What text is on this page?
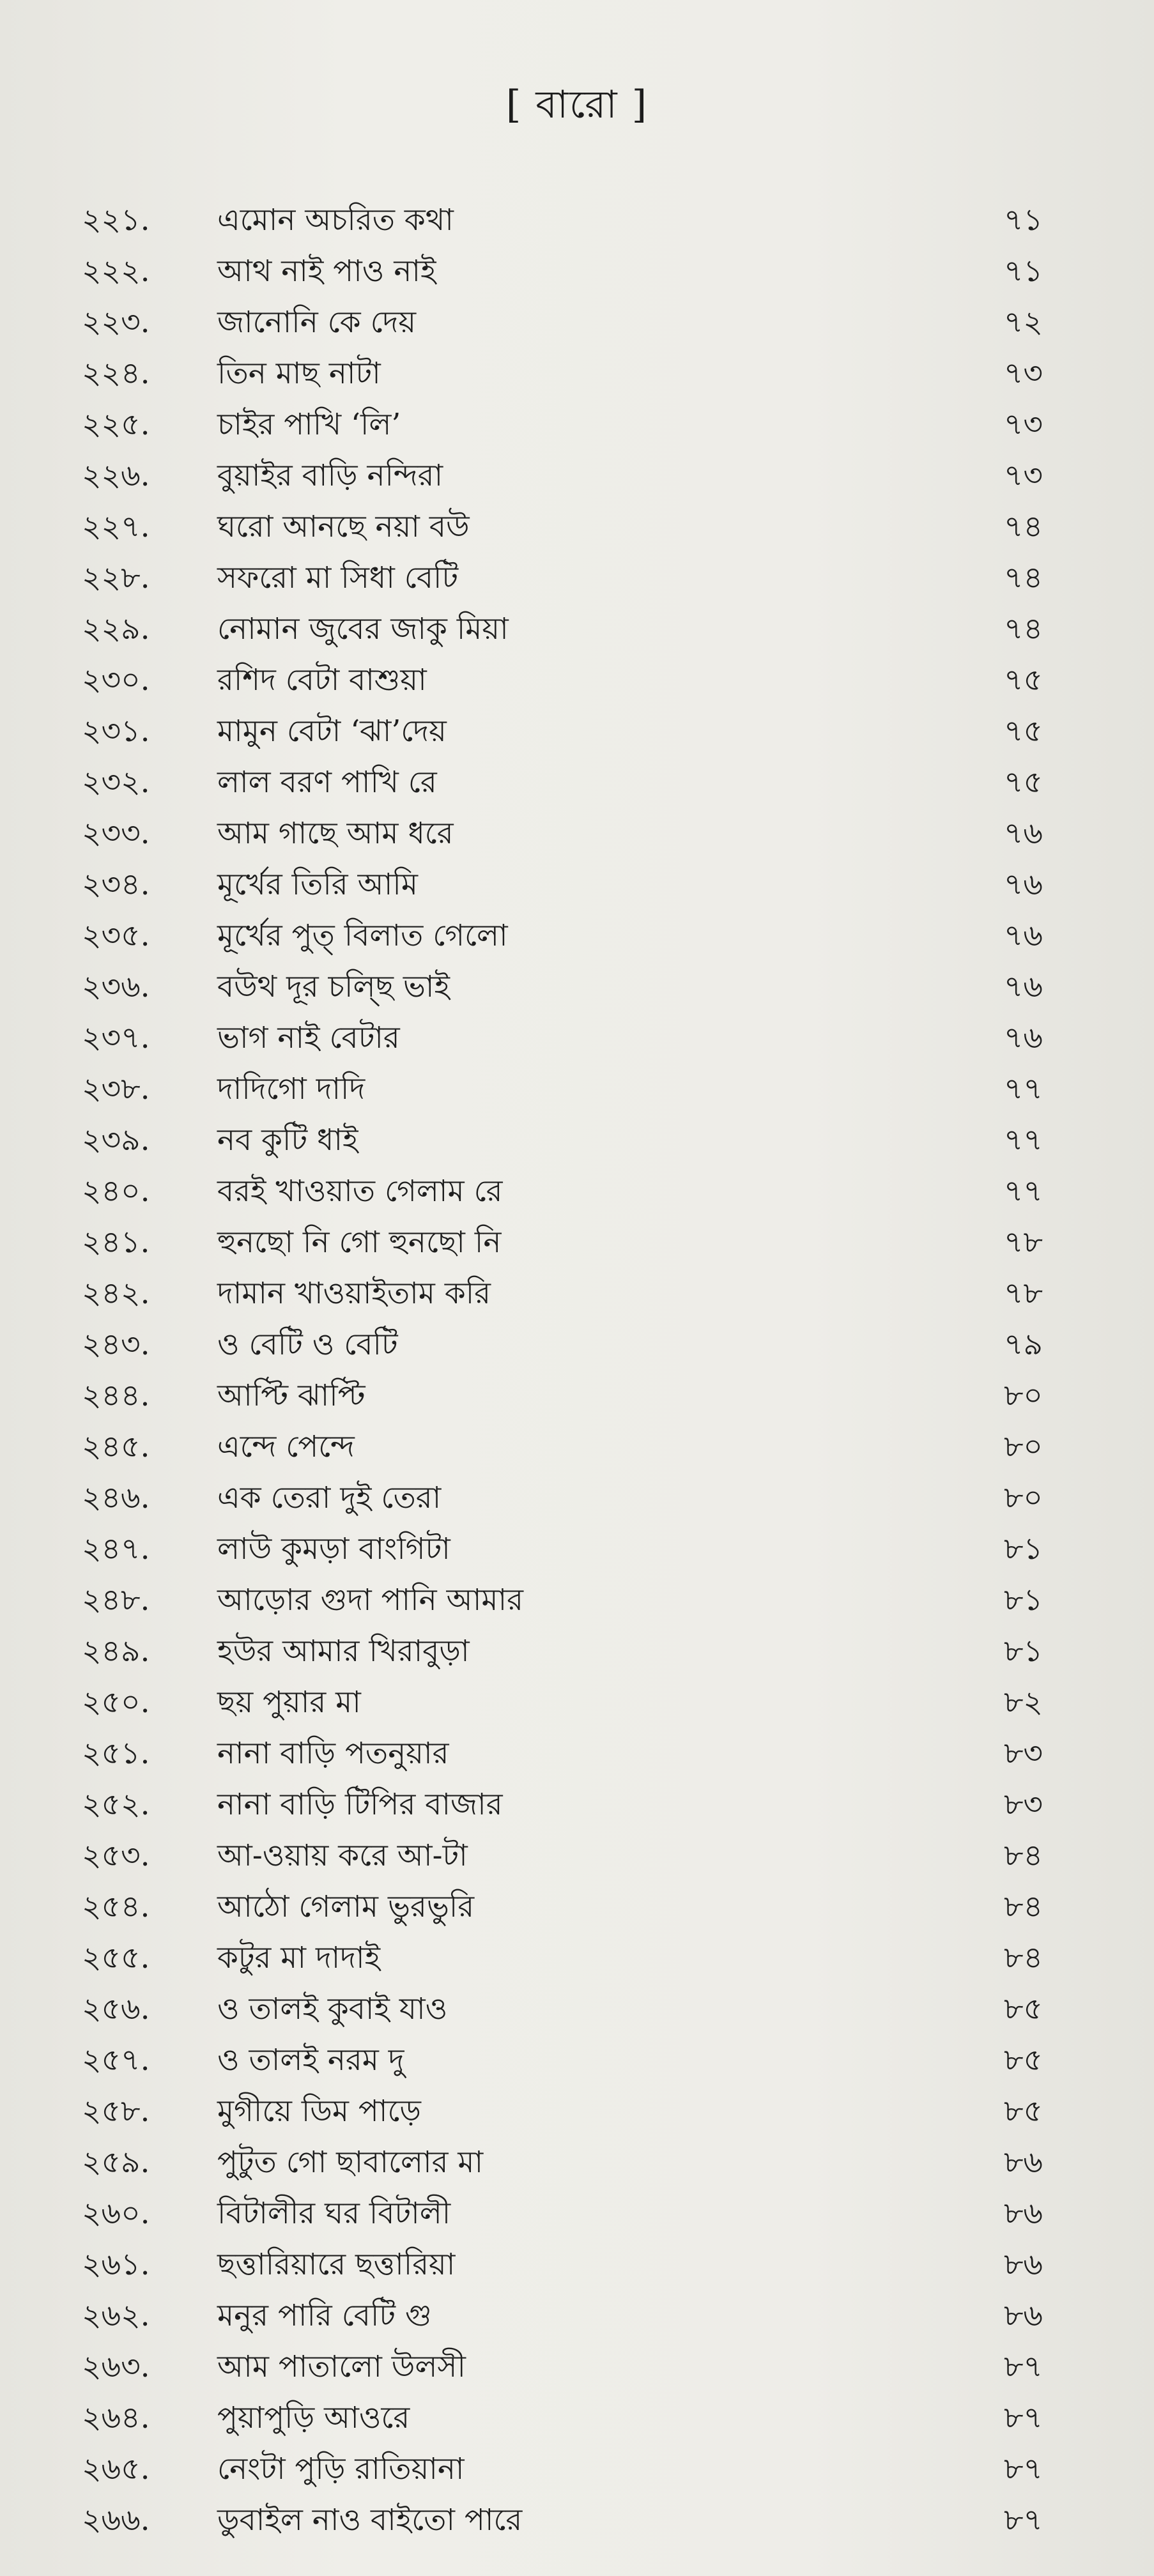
[ বারো ]
২২১.	এমোন অচরিত কথা	৭১
২২২.	আথ নাই পাও নাই	৭১
২২৩.	জানোনি কে দেয়	৭২
২২৪.	তিন মাছ নাটা	৭৩
২২৫.	চাইর পাখি ‘লি’	৭৩
২২৬.	বুয়াইর বাড়ি নন্দিরা	৭৩
২২৭.	ঘরো আনছে নয়া বউ	৭৪
২২৮.	সফরো মা সিধা বেটি	৭৪
২২৯.	নোমান জুবের জাকু মিয়া	৭৪
২৩০.	রশিদ বেটা বাশুয়া	৭৫
২৩১.	মামুন বেটা ‘ঝা’দেয়	৭৫
২৩২.	লাল বরণ পাখি রে	৭৫
২৩৩.	আম গাছে আম ধরে	৭৬
২৩৪.	মূর্খের তিরি আমি	৭৬
২৩৫.	মূর্খের পুত্ বিলাত গেলো	৭৬
২৩৬.	বউথ দূর চল্ছি ভাই	৭৬
২৩৭.	ভাগ নাই বেটার	৭৬
২৩৮.	দাদিগো দাদি	৭৭
২৩৯.	নব কুটি ধাই	৭৭
২৪০.	বরই খাওয়াত গেলাম রে	৭৭
২৪১.	হুনছো নি গো হুনছো নি	৭৮
২৪২.	দামান খাওয়াইতাম করি	৭৮
২৪৩.	ও বেটি ও বেটি	৭৯
২৪৪.	আপ্টি ঝাপ্টি	৮০
২৪৫.	এন্দে পেন্দে	৮০
২৪৬.	এক তেরা দুই তেরা	৮০
২৪৭.	লাউ কুমড়া বাংগিটা	৮১
২৪৮.	আড়োর গুদা পানি আমার	৮১
২৪৯.	হউর আমার খিরাবুড়া	৮১
২৫০.	ছয় পুয়ার মা	৮২
২৫১.	নানা বাড়ি পতনুয়ার	৮৩
২৫২.	নানা বাড়ি টিপির বাজার	৮৩
২৫৩.	আ-ওয়ায় করে আ-টা	৮৪
২৫৪.	আঠো গেলাম ভুরভুরি	৮৪
২৫৫.	কটুর মা দাদাই	৮৪
২৫৬.	ও তালই কুবাই যাও	৮৫
২৫৭.	ও তালই নরম দু	৮৫
২৫৮.	মুগীয়ে ডিম পাড়ে	৮৫
২৫৯.	পুটুত গো ছাবালোর মা	৮৬
২৬০.	বিটালীর ঘর বিটালী	৮৬
২৬১.	ছত্তারিয়ারে ছত্তারিয়া	৮৬
২৬২.	মনুর পারি বেটি গু	৮৬
২৬৩.	আম পাতালো উলসী	৮৭
২৬৪.	পুয়াপুড়ি আওরে	৮৭
২৬৫.	নেংটা পুড়ি রাতিয়ানা	৮৭
২৬৬.	ডুবাইল নাও বাইতো পারে	৮৭
